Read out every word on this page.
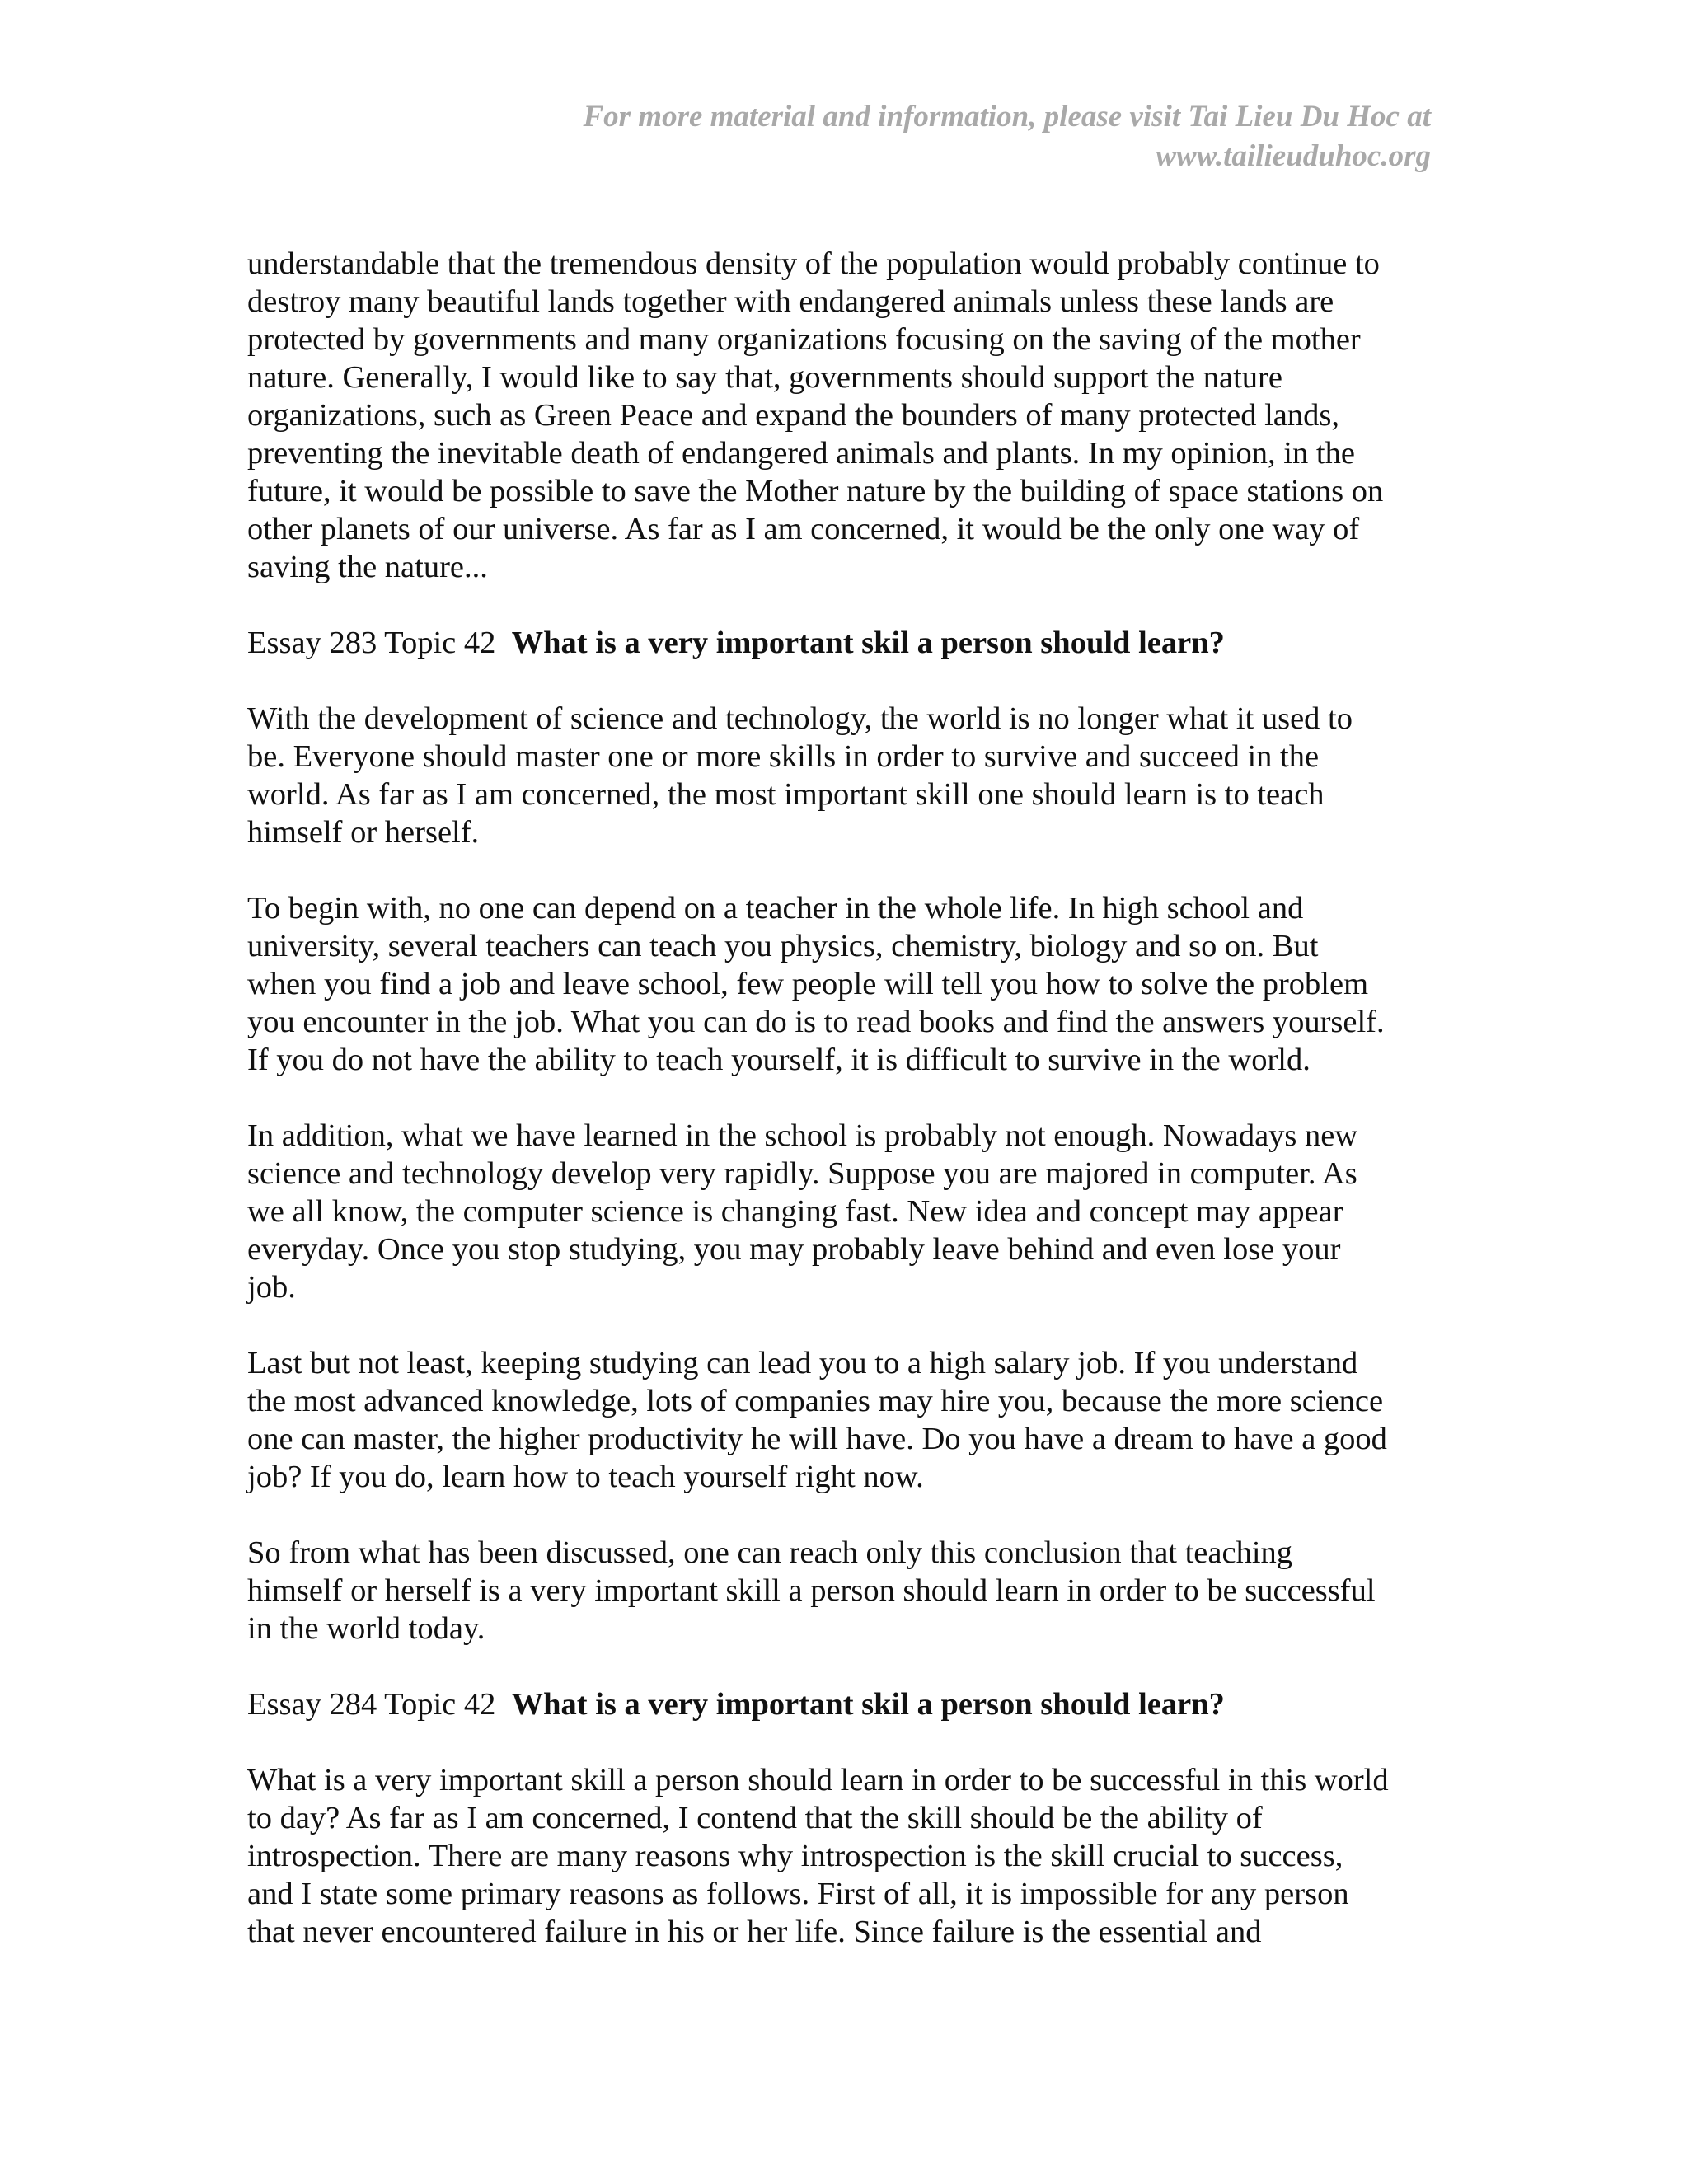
For more material and information, please visit Tai Lieu Du Hoc at
www.tailieuduhoc.org
understandable that the tremendous density of the population would probably continue to
destroy many beautiful lands together with endangered animals unless these lands are
protected by governments and many organizations focusing on the saving of the mother
nature. Generally, I would like to say that, governments should support the nature
organizations, such as Green Peace and expand the bounders of many protected lands,
preventing the inevitable death of endangered animals and plants. In my opinion, in the
future, it would be possible to save the Mother nature by the building of space stations on
other planets of our universe. As far as I am concerned, it would be the only one way of
saving the nature...
Essay 283 Topic 42 What is a very important skil a person should learn?
With the development of science and technology, the world is no longer what it used to
be. Everyone should master one or more skills in order to survive and succeed in the
world. As far as I am concerned, the most important skill one should learn is to teach
himself or herself.
To begin with, no one can depend on a teacher in the whole life. In high school and
university, several teachers can teach you physics, chemistry, biology and so on. But
when you find a job and leave school, few people will tell you how to solve the problem
you encounter in the job. What you can do is to read books and find the answers yourself.
If you do not have the ability to teach yourself, it is difficult to survive in the world.
In addition, what we have learned in the school is probably not enough. Nowadays new
science and technology develop very rapidly. Suppose you are majored in computer. As
we all know, the computer science is changing fast. New idea and concept may appear
everyday. Once you stop studying, you may probably leave behind and even lose your
job.
Last but not least, keeping studying can lead you to a high salary job. If you understand
the most advanced knowledge, lots of companies may hire you, because the more science
one can master, the higher productivity he will have. Do you have a dream to have a good
job? If you do, learn how to teach yourself right now.
So from what has been discussed, one can reach only this conclusion that teaching
himself or herself is a very important skill a person should learn in order to be successful
in the world today.
Essay 284 Topic 42 What is a very important skil a person should learn?
What is a very important skill a person should learn in order to be successful in this world
to day? As far as I am concerned, I contend that the skill should be the ability of
introspection. There are many reasons why introspection is the skill crucial to success,
and I state some primary reasons as follows. First of all, it is impossible for any person
that never encountered failure in his or her life. Since failure is the essential and
